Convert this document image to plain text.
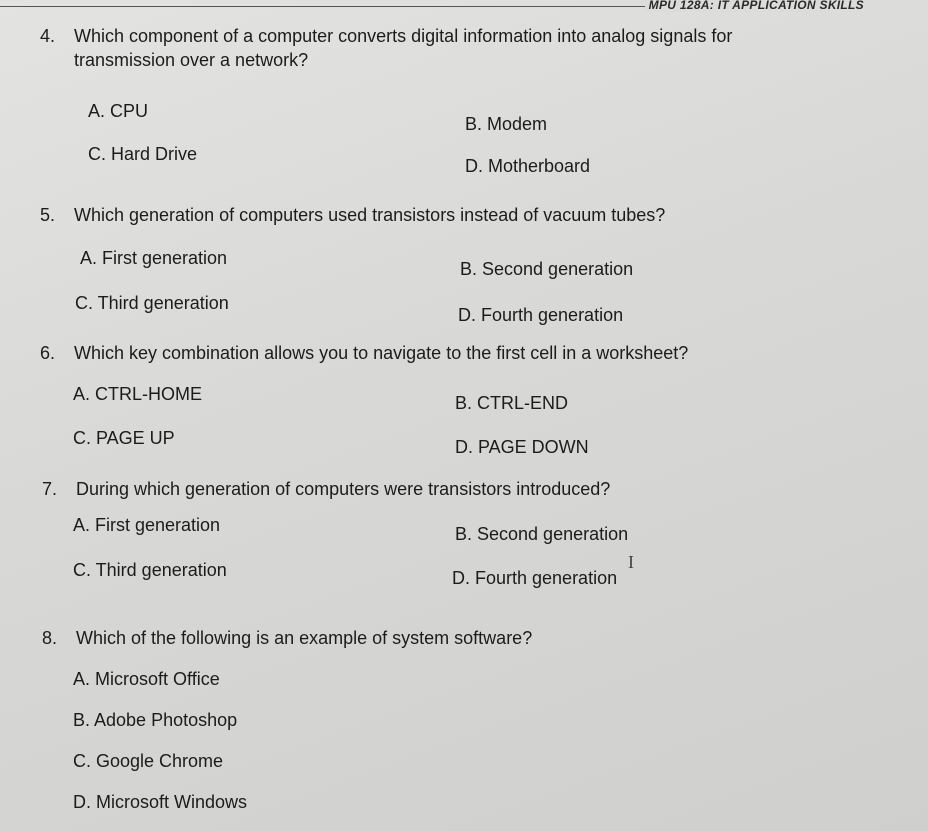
MPU 128A: IT APPLICATION SKILLS
4. Which component of a computer converts digital information into analog signals for
transmission over a network?
A. CPU
B. Modem
C. Hard Drive
D. Motherboard
5. Which generation of computers used transistors instead of vacuum tubes?
A. First generation
B. Second generation
C. Third generation
D. Fourth generation
6. Which key combination allows you to navigate to the first cell in a worksheet?
A. CTRL-HOME	B. CTRL-END
C. PAGE UP	D. PAGE DOWN
7. During which generation of computers were transistors introduced?
A. First generation	B. Second generation
C. Third generation	D. Fourth generation
I
8. Which of the following is an example of system software?
A. Microsoft Office
B. Adobe Photoshop
C. Google Chrome
D. Microsoft Windows
